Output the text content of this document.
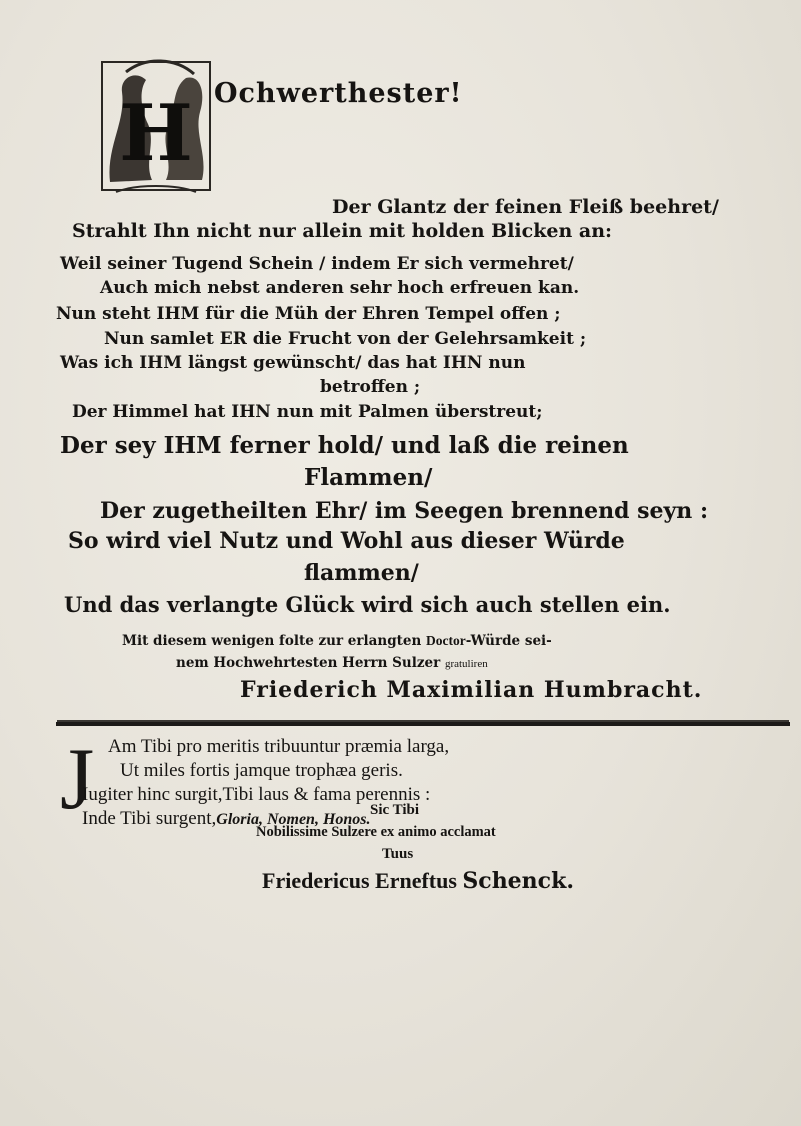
H Ochwerthester!
Der Glantz der feinen Fleiß beehret/
Strahlt Ihn nicht nur allein mit holden Blicken an:
Weil seiner Tugend Schein / indem Er sich vermehret/
Auch mich nebst anderen sehr hoch erfreuen kan.
Nun steht IHM für die Müh der Ehren Tempel offen ;
Nun samlet ER die Frucht von der Gelehrsamkeit ;
Was ich IHM längst gewünscht/ das hat IHN nun
betroffen ;
Der Himmel hat IHN nun mit Palmen überstreut;
Der sey IHM ferner hold/ und laß die reinen
Flammen/
Der zugetheilten Ehr/ im Seegen brennend seyn :
So wird viel Nutz und Wohl aus dieser Würde
flammen/
Und das verlangte Glück wird sich auch stellen ein.
Mit diesem wenigen folte zur erlangten Doctor-Würde sei-
nem Hochwehrtesten Herrn Sulzer gratuliren
Friederich Maximilian Humbracht.
J Am Tibi pro meritis tribuuntur præmia larga,
Ut miles fortis jamque trophæa geris.
Iugiter hinc surgit,Tibi laus & fama perennis :
Inde Tibi surgent,Gloria, Nomen, Honos.
Sic Tibi
Nobilissime Sulzere ex animo acclamat
Tuus
Friedericus Erneftus Schenck.
